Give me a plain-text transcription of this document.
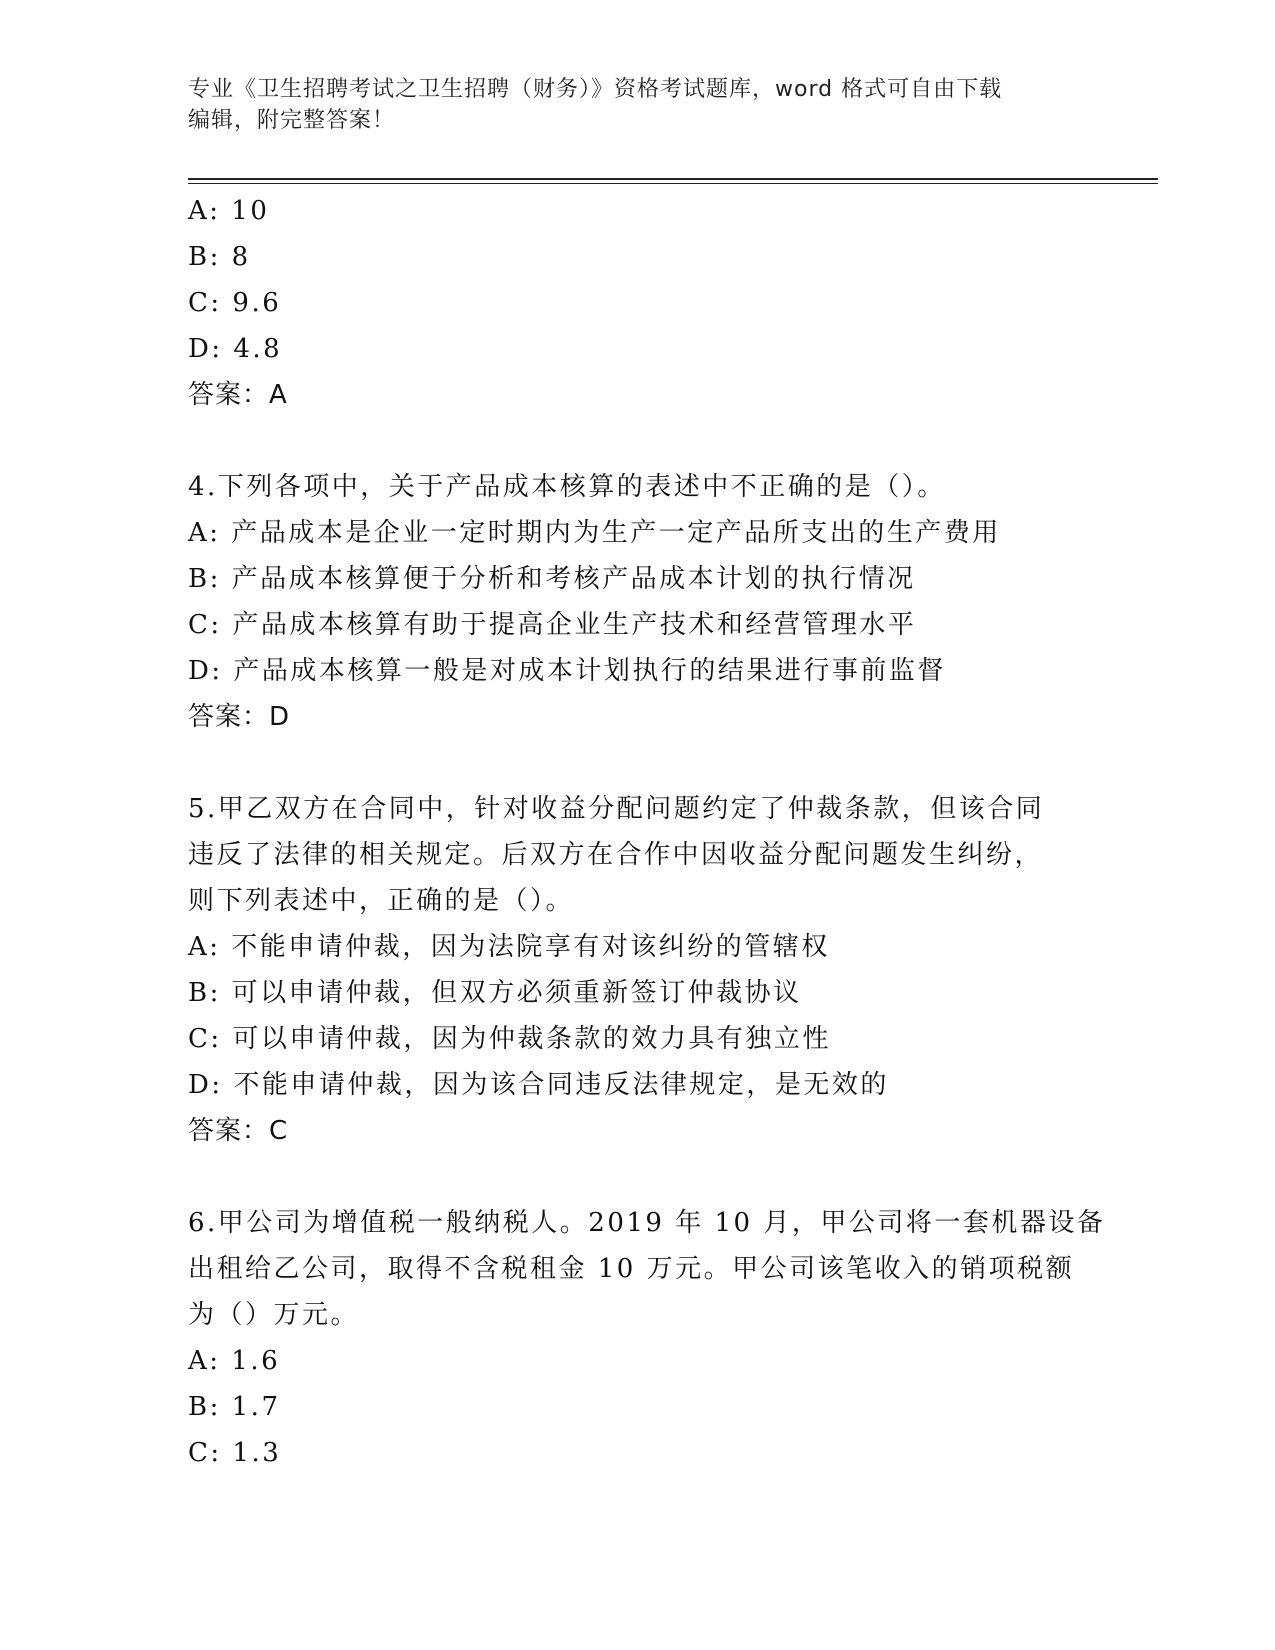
专业《卫生招聘考试之卫生招聘（财务）》资格考试题库，word 格式可自由下载
编辑，附完整答案！
A: 10
B: 8
C: 9.6
D: 4.8
答案：A
4.下列各项中，关于产品成本核算的表述中不正确的是（）。
A: 产品成本是企业一定时期内为生产一定产品所支出的生产费用
B: 产品成本核算便于分析和考核产品成本计划的执行情况
C: 产品成本核算有助于提高企业生产技术和经营管理水平
D: 产品成本核算一般是对成本计划执行的结果进行事前监督
答案：D
5.甲乙双方在合同中，针对收益分配问题约定了仲裁条款，但该合同
违反了法律的相关规定。后双方在合作中因收益分配问题发生纠纷，
则下列表述中，正确的是（）。
A: 不能申请仲裁，因为法院享有对该纠纷的管辖权
B: 可以申请仲裁，但双方必须重新签订仲裁协议
C: 可以申请仲裁，因为仲裁条款的效力具有独立性
D: 不能申请仲裁，因为该合同违反法律规定，是无效的
答案：C
6.甲公司为增值税一般纳税人。2019 年 10 月，甲公司将一套机器设备
出租给乙公司，取得不含税租金 10 万元。甲公司该笔收入的销项税额
为（）万元。
A: 1.6
B: 1.7
C: 1.3
